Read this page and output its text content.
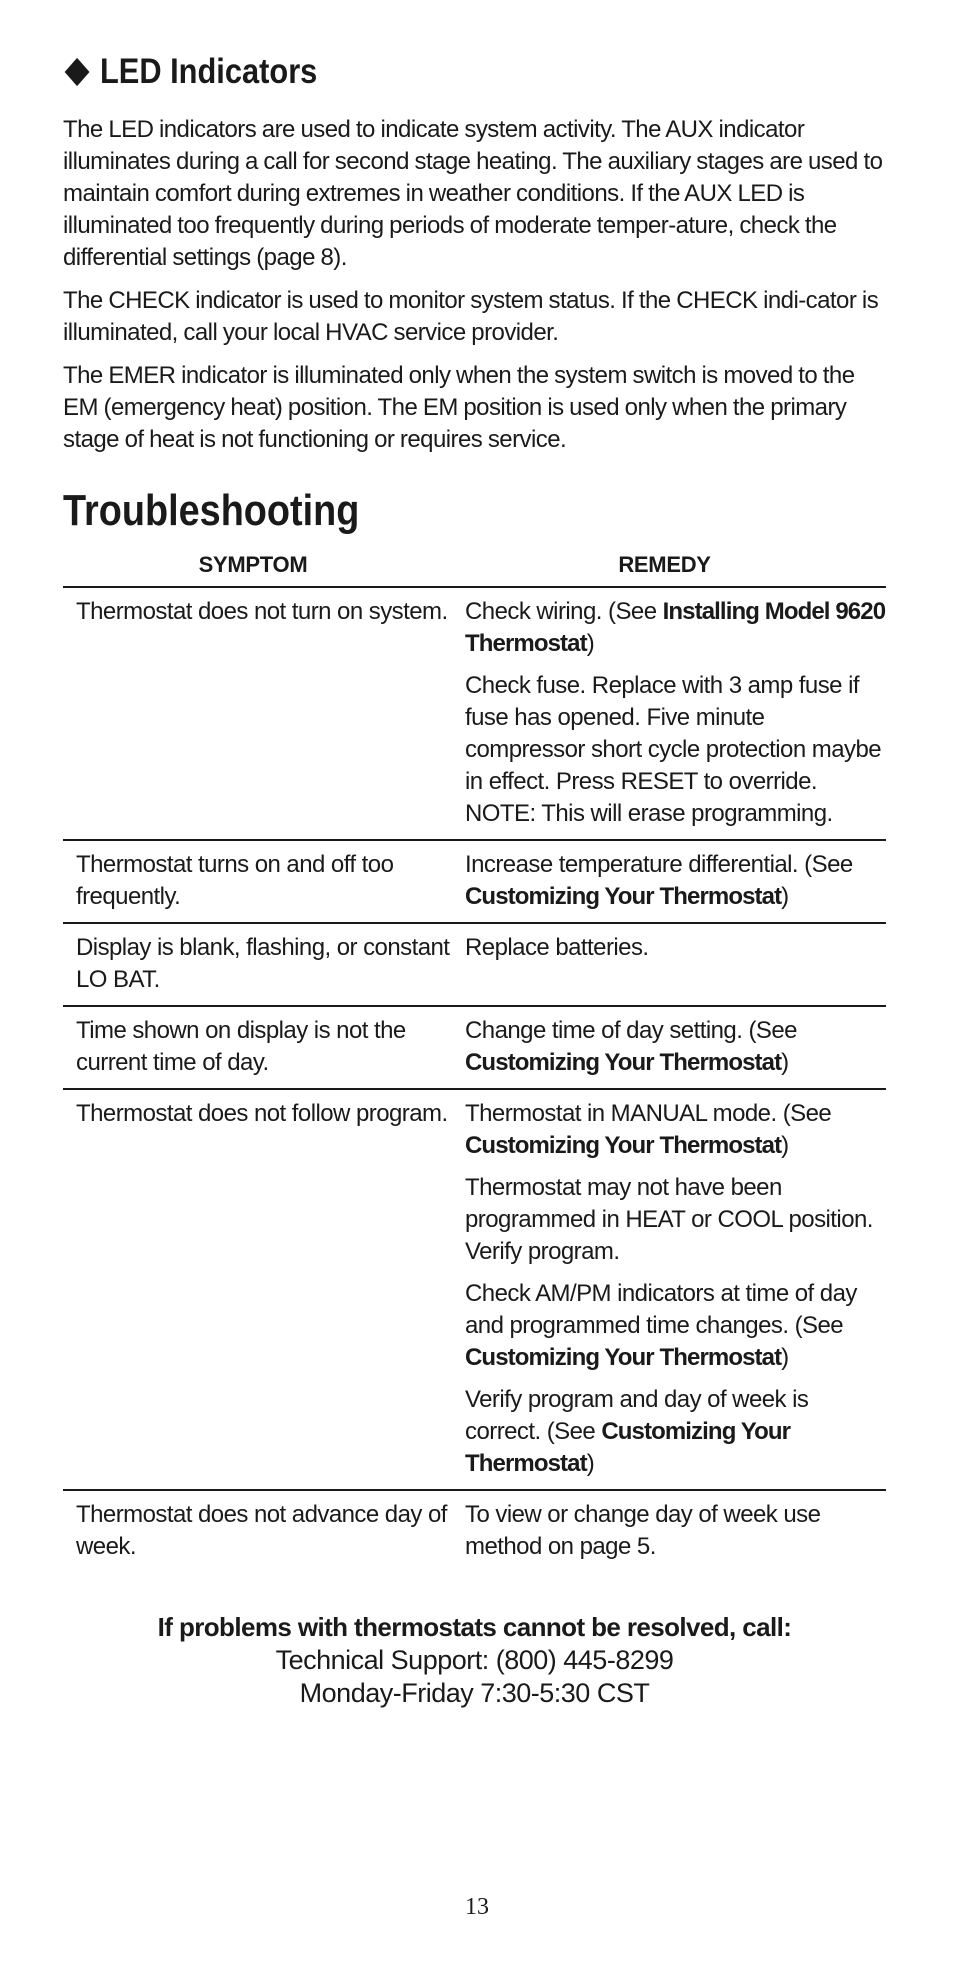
LED Indicators

The LED indicators are used to indicate system activity. The AUX indicator illuminates during a call for second stage heating. The auxiliary stages are used to maintain comfort during extremes in weather conditions. If the AUX LED is illuminated too frequently during periods of moderate temper-ature, check the differential settings (page 8).

The CHECK indicator is used to monitor system status. If the CHECK indi-cator is illuminated, call your local HVAC service provider.

The EMER indicator is illuminated only when the system switch is moved to the EM (emergency heat) position. The EM position is used only when the primary stage of heat is not functioning or requires service.

Troubleshooting
SYMPTOM	REMEDY
Thermostat does not turn on system. Check wiring. (See Installing Model 9620 Thermostat)
Check fuse. Replace with 3 amp fuse if fuse has opened. Five minute compressor short cycle protection maybe in effect. Press RESET to override. NOTE: This will erase programming.
Thermostat turns on and off too frequently.
Increase temperature differential. (See Customizing Your Thermostat)
Display is blank, flashing, or constant LO BAT.
Replace batteries.
Time shown on display is not the current time of day.
Change time of day setting. (See Customizing Your Thermostat)
Thermostat does not follow program. Thermostat in MANUAL mode. (See Customizing Your Thermostat)
Thermostat may not have been programmed in HEAT or COOL position. Verify program.
Check AM/PM indicators at time of day and programmed time changes. (See Customizing Your Thermostat)
Verify program and day of week is correct. (See Customizing Your Thermostat)
Thermostat does not advance day of week.
To view or change day of week use method on page 5.
If problems with thermostats cannot be resolved, call:
Technical Support: (800) 445-8299
Monday-Friday 7:30-5:30 CST
13
